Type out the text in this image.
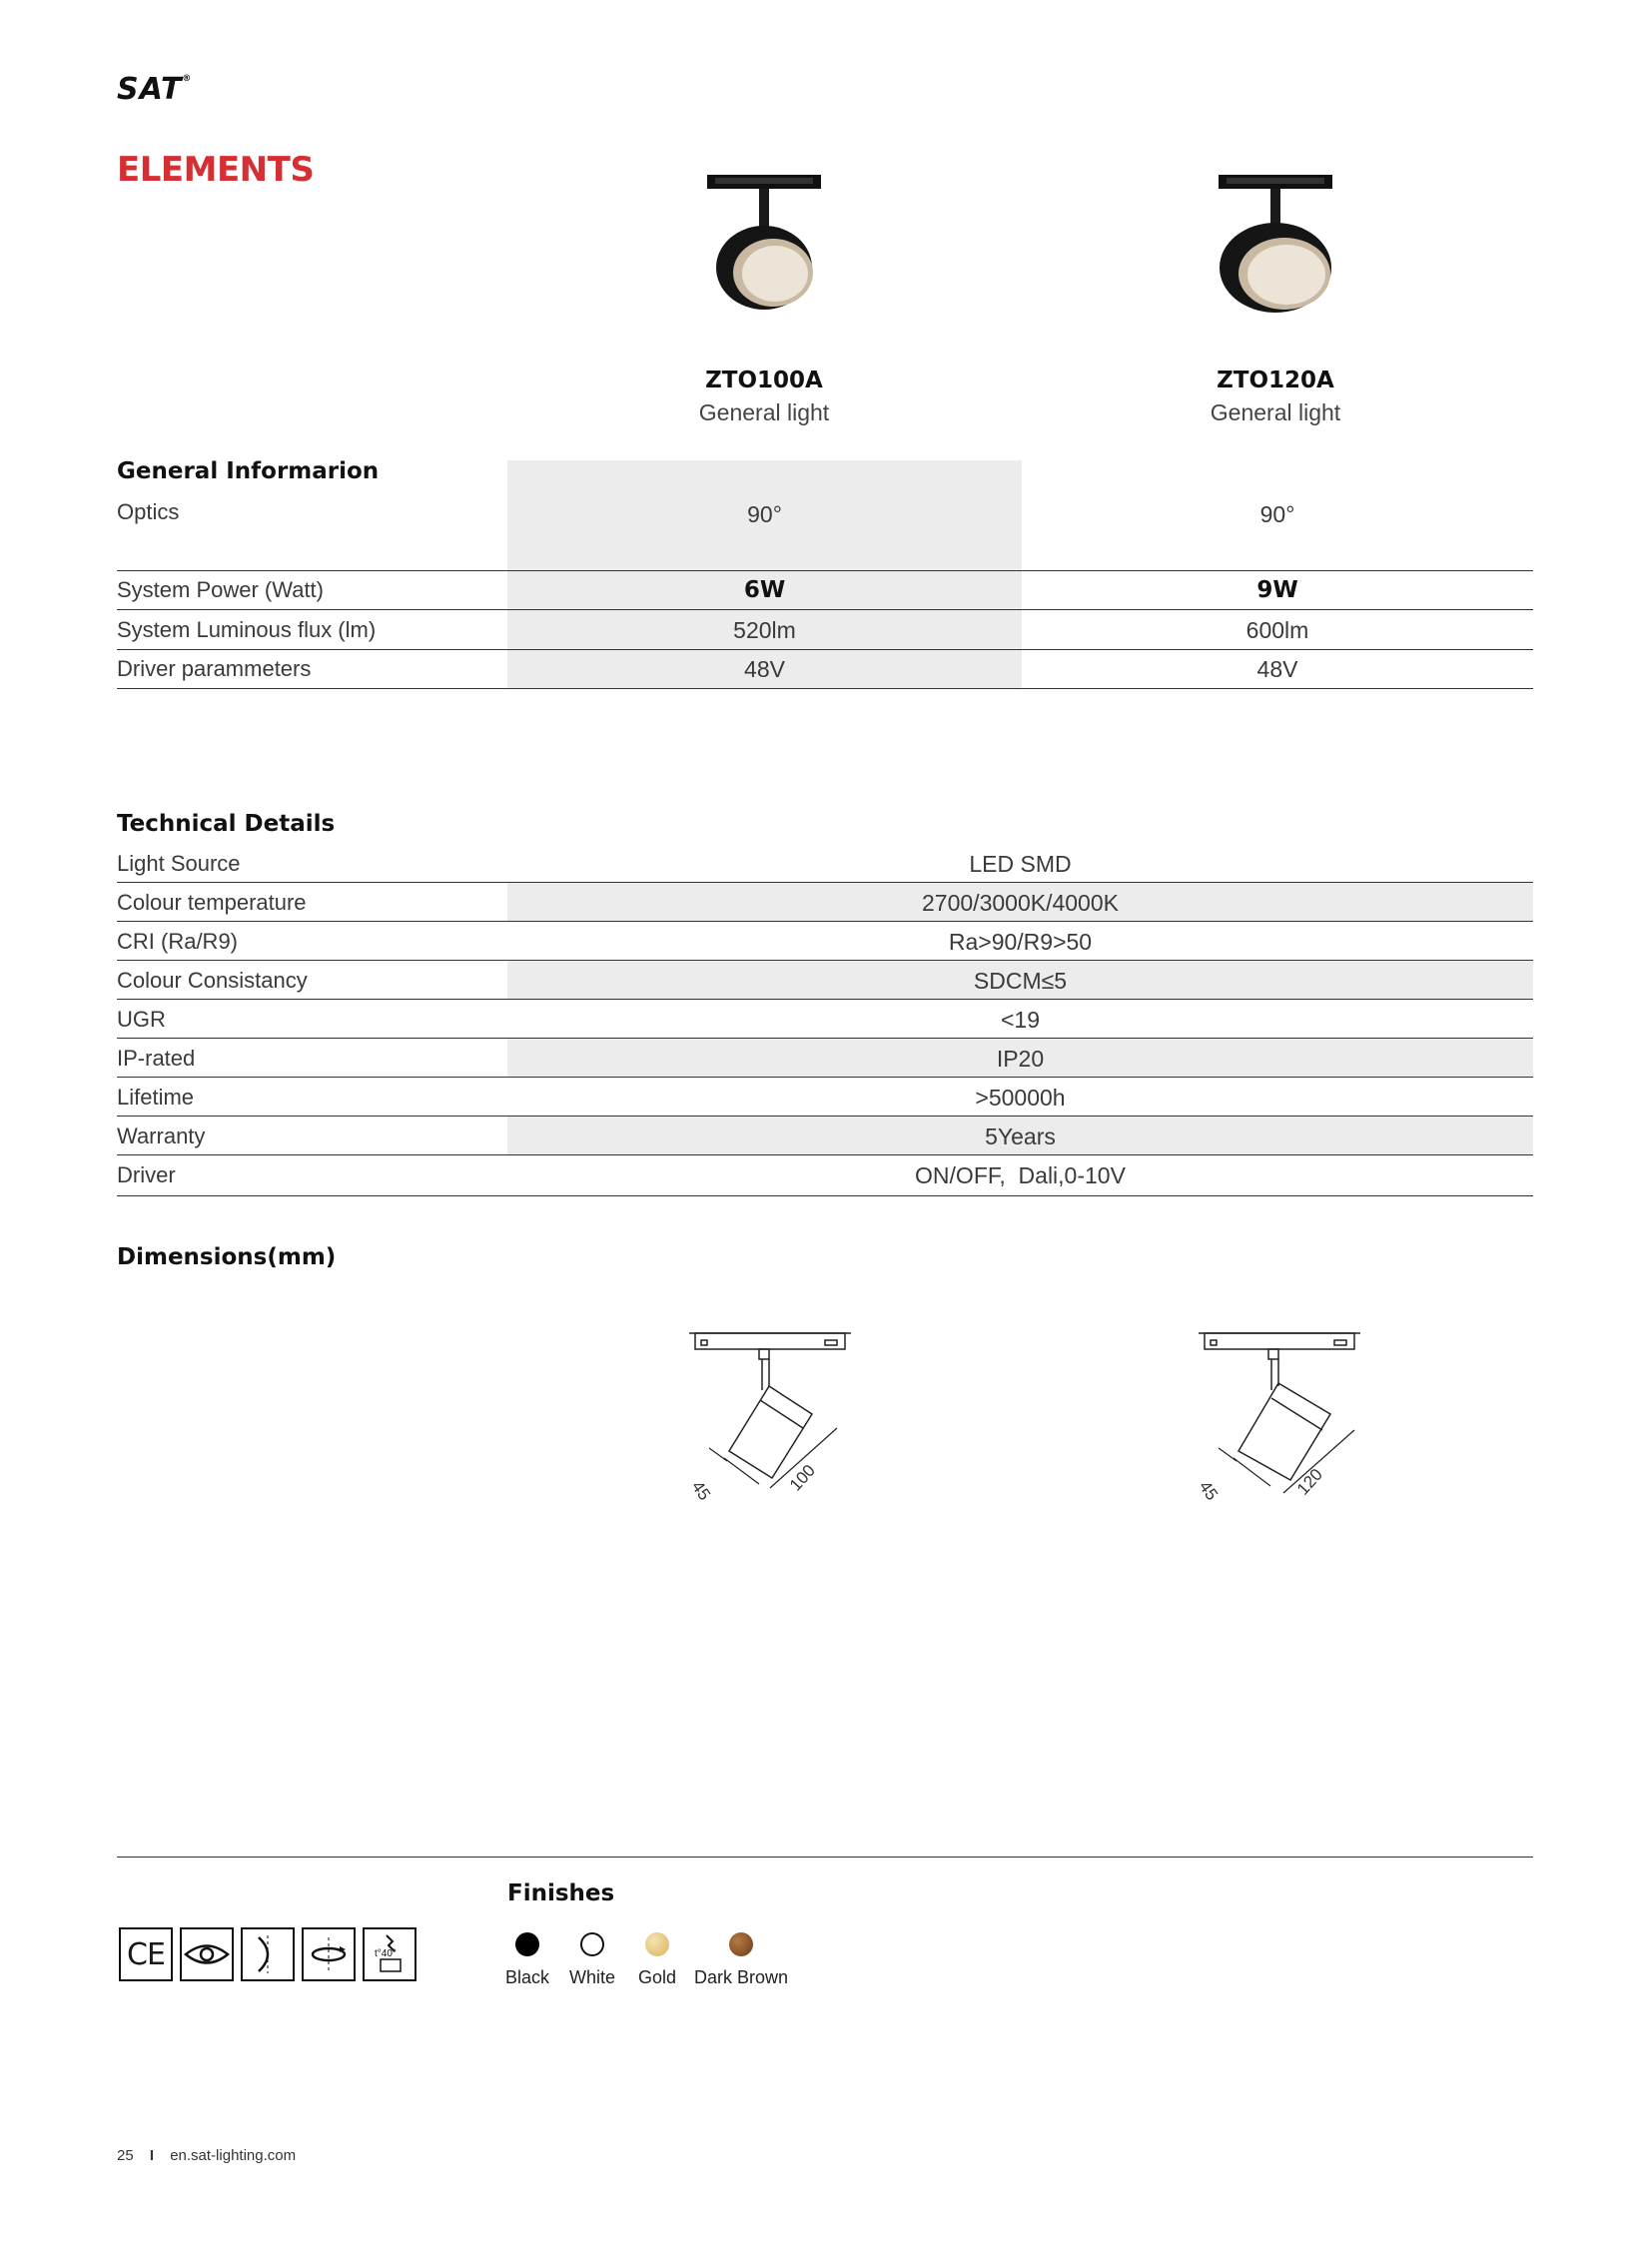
SAT®
ELEMENTS
ZTO100A
General light
ZTO120A
General light
General Informarion
Optics	90°	90°
System Power (Watt)	6W	9W
System Luminous flux (lm)	520lm	600lm
Driver parammeters	48V	48V
Technical Details
Light Source	LED SMD
Colour temperature	2700/3000K/4000K
CRI (Ra/R9)	Ra>90/R9>50
Colour Consistancy	SDCM≤5
UGR	<19
IP-rated	IP20
Lifetime	>50000h
Warranty	5Years
Driver	ON/OFF,  Dali,0-10V
Dimensions(mm)
45	100	45	120
CE	t°40°
Finishes
Black	White	Gold Dark Brown
25 I en.sat-lighting.com
